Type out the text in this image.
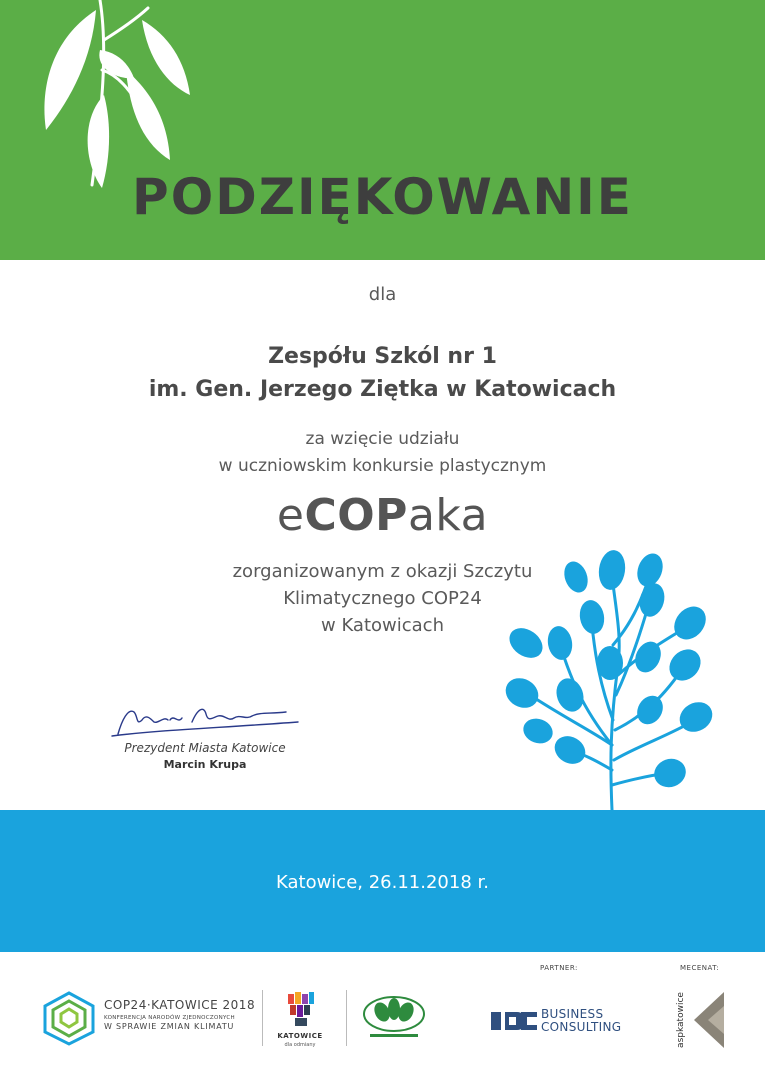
PODZIĘKOWANIE
dla
Zespółu Szkól nr 1
im. Gen. Jerzego Ziętka w Katowicach
za wzięcie udziału
w uczniowskim konkursie plastycznym
eCOPaka
zorganizowanym z okazji Szczytu
Klimatycznego COP24
w Katowicach
Prezydent Miasta Katowice
Marcin Krupa
Katowice, 26.11.2018 r.
PARTNER:	MECENAT:
COP24·KATOWICE 2018
KONFERENCJA NARODÓW ZJEDNOCZONYCH
W SPRAWIE ZMIAN KLIMATU
KATOWICE
dla odmiany
BUSINESS
CONSULTING	aspkatowice
